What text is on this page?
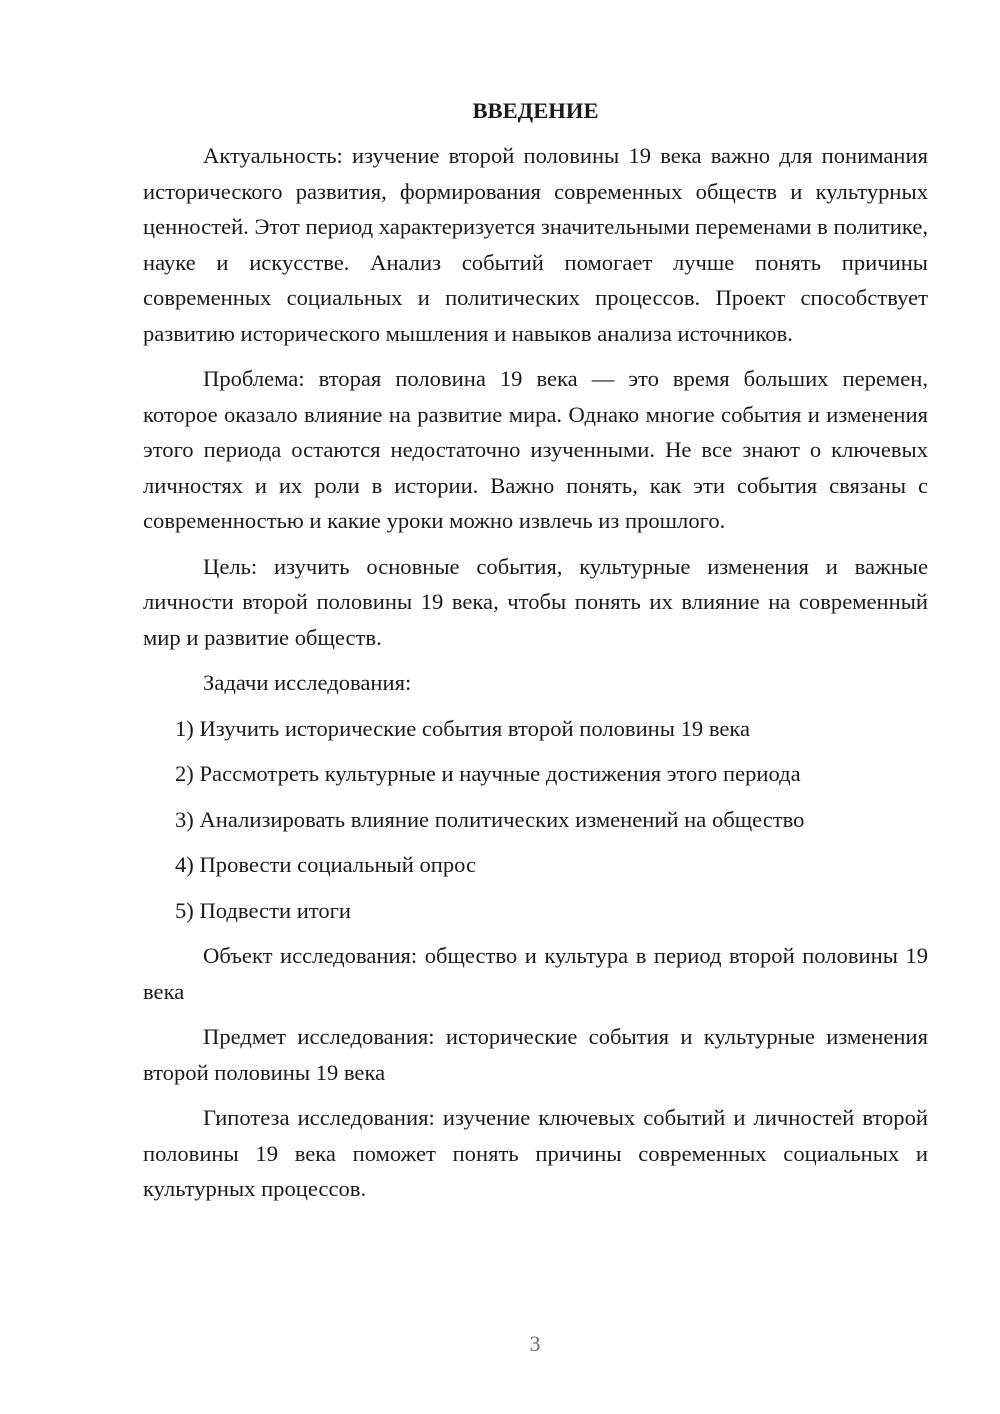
ВВЕДЕНИЕ

Актуальность: изучение второй половины 19 века важно для понимания исторического развития, формирования современных обществ и культурных ценностей. Этот период характеризуется значительными переменами в политике, науке и искусстве. Анализ событий помогает лучше понять причины современных социальных и политических процессов. Проект способствует развитию исторического мышления и навыков анализа источников.

Проблема: вторая половина 19 века — это время больших перемен, которое оказало влияние на развитие мира. Однако многие события и изменения этого периода остаются недостаточно изученными. Не все знают о ключевых личностях и их роли в истории. Важно понять, как эти события связаны с современностью и какие уроки можно извлечь из прошлого.

Цель: изучить основные события, культурные изменения и важные личности второй половины 19 века, чтобы понять их влияние на современный мир и развитие обществ.

Задачи исследования:

1) Изучить исторические события второй половины 19 века

2) Рассмотреть культурные и научные достижения этого периода

3) Анализировать влияние политических изменений на общество

4) Провести социальный опрос

5) Подвести итоги

Объект исследования: общество и культура в период второй половины 19 века

Предмет исследования: исторические события и культурные изменения второй половины 19 века

Гипотеза исследования: изучение ключевых событий и личностей второй половины 19 века поможет понять причины современных социальных и культурных процессов.

3
